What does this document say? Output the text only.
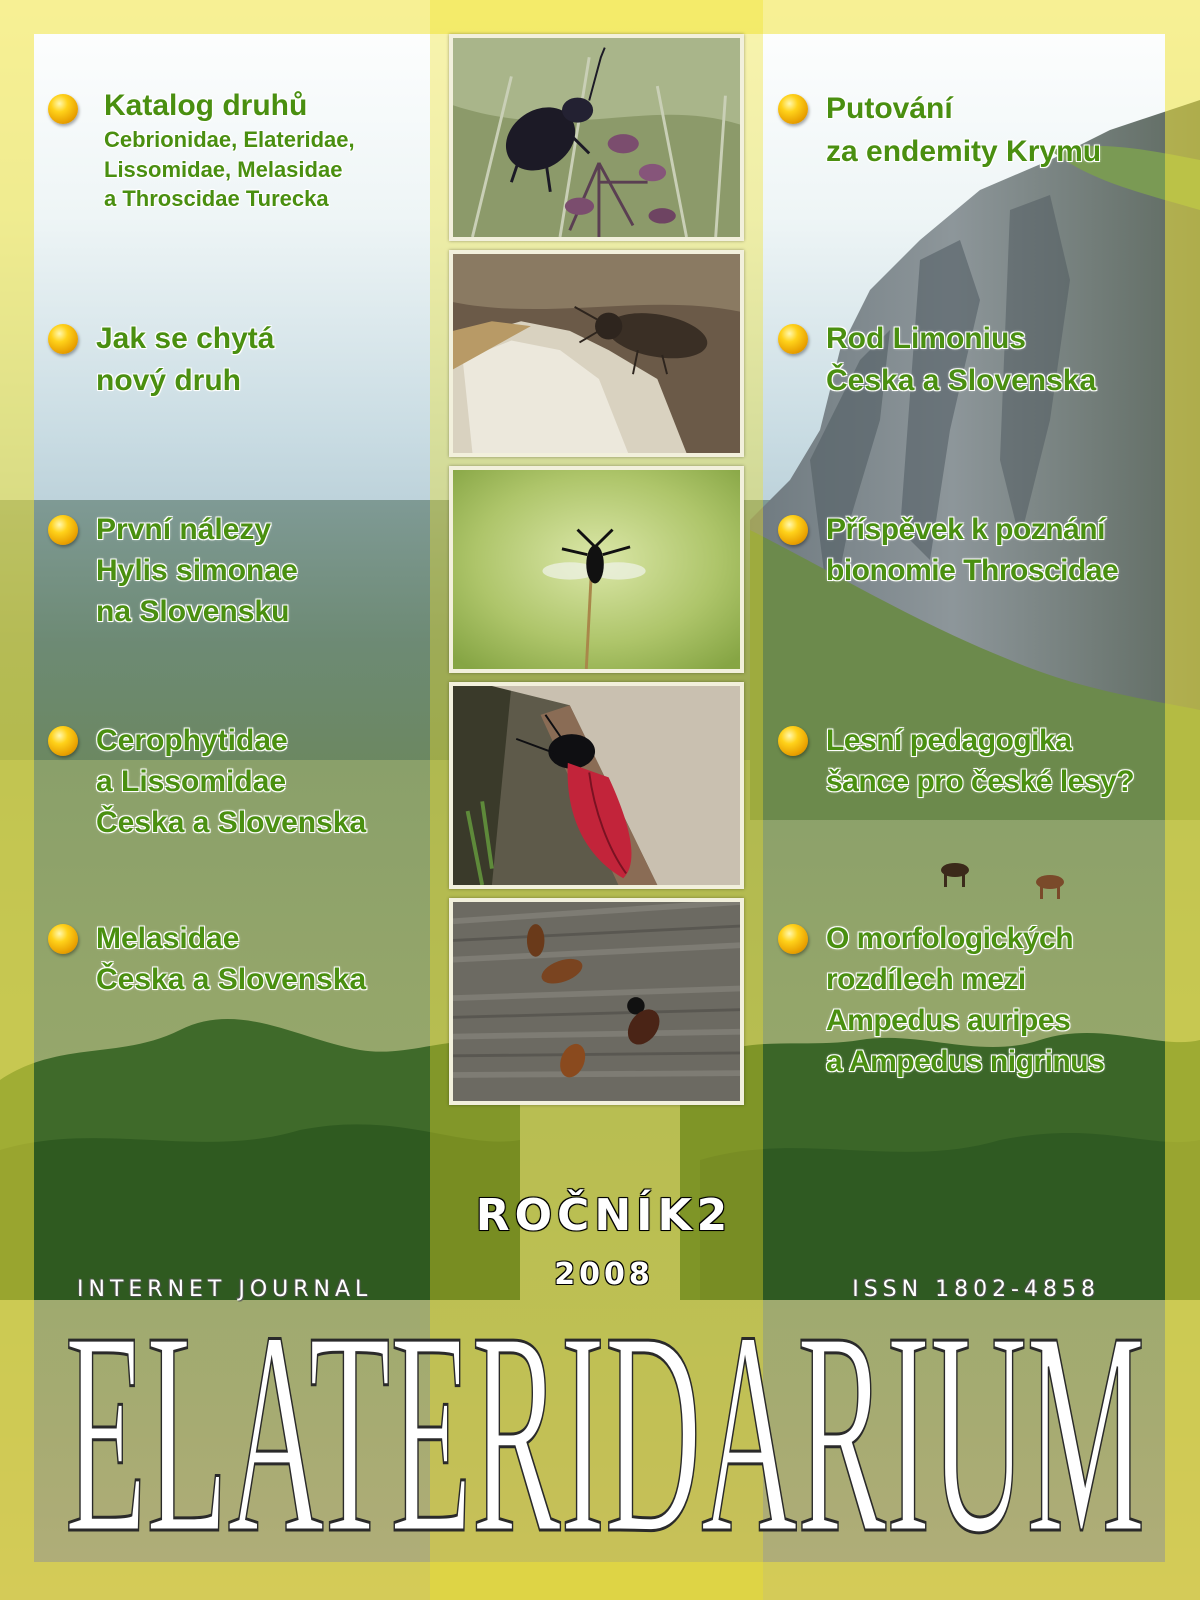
Katalog druhů
Cebrionidae, Elateridae,
Lissomidae, Melasidae
a Throscidae Turecka
Jak se chytá
nový druh
První nálezy
Hylis simonae
na Slovensku
Cerophytidae
a Lissomidae
Česka a Slovenska
Melasidae
Česka a Slovenska
Putování
za endemity Krymu
Rod Limonius
Česka a Slovenska
Příspěvek k poznání
bionomie Throscidae
Lesní pedagogika
šance pro české lesy?
O morfologických
rozdílech mezi
Ampedus auripes
a Ampedus nigrinus
ROČNÍK2
2008
INTERNET JOURNAL	ISSN 1802-4858
ELATERIDARIUM
